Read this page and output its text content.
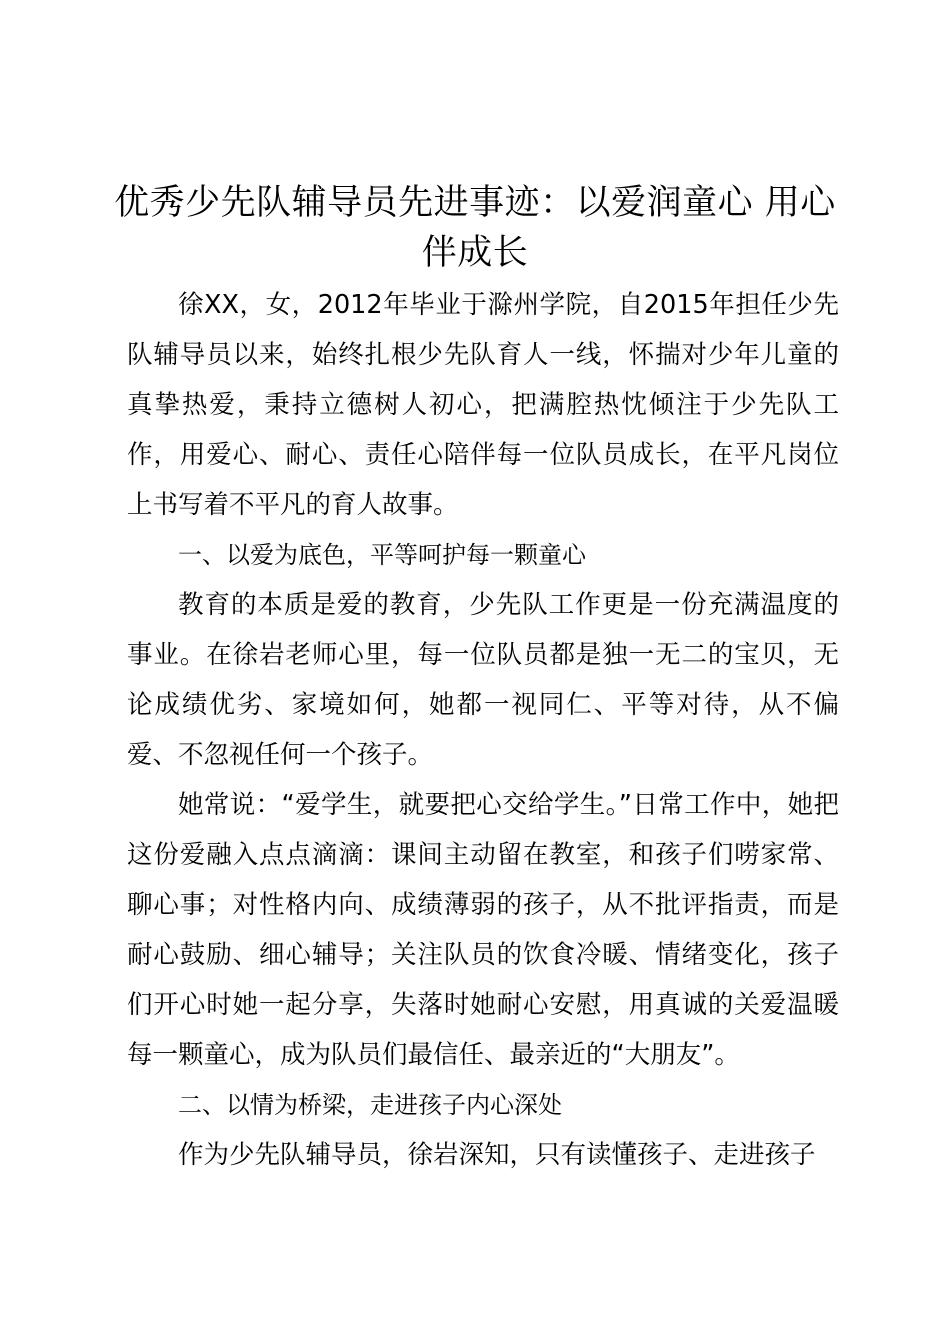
优秀少先队辅导员先进事迹：以爱润童心 用心伴成长

徐XX，女，2012年毕业于滁州学院，自2015年担任少先队辅导员以来，始终扎根少先队育人一线，怀揣对少年儿童的真挚热爱，秉持立德树人初心，把满腔热忱倾注于少先队工作，用爱心、耐心、责任心陪伴每一位队员成长，在平凡岗位上书写着不平凡的育人故事。

一、以爱为底色，平等呵护每一颗童心

教育的本质是爱的教育，少先队工作更是一份充满温度的事业。在徐岩老师心里，每一位队员都是独一无二的宝贝，无论成绩优劣、家境如何，她都一视同仁、平等对待，从不偏爱、不忽视任何一个孩子。

她常说：“爱学生，就要把心交给学生。”日常工作中，她把这份爱融入点点滴滴：课间主动留在教室，和孩子们唠家常、聊心事；对性格内向、成绩薄弱的孩子，从不批评指责，而是耐心鼓励、细心辅导；关注队员的饮食冷暖、情绪变化，孩子们开心时她一起分享，失落时她耐心安慰，用真诚的关爱温暖每一颗童心，成为队员们最信任、最亲近的“大朋友”。

二、以情为桥梁，走进孩子内心深处

作为少先队辅导员，徐岩深知，只有读懂孩子、走进孩子
